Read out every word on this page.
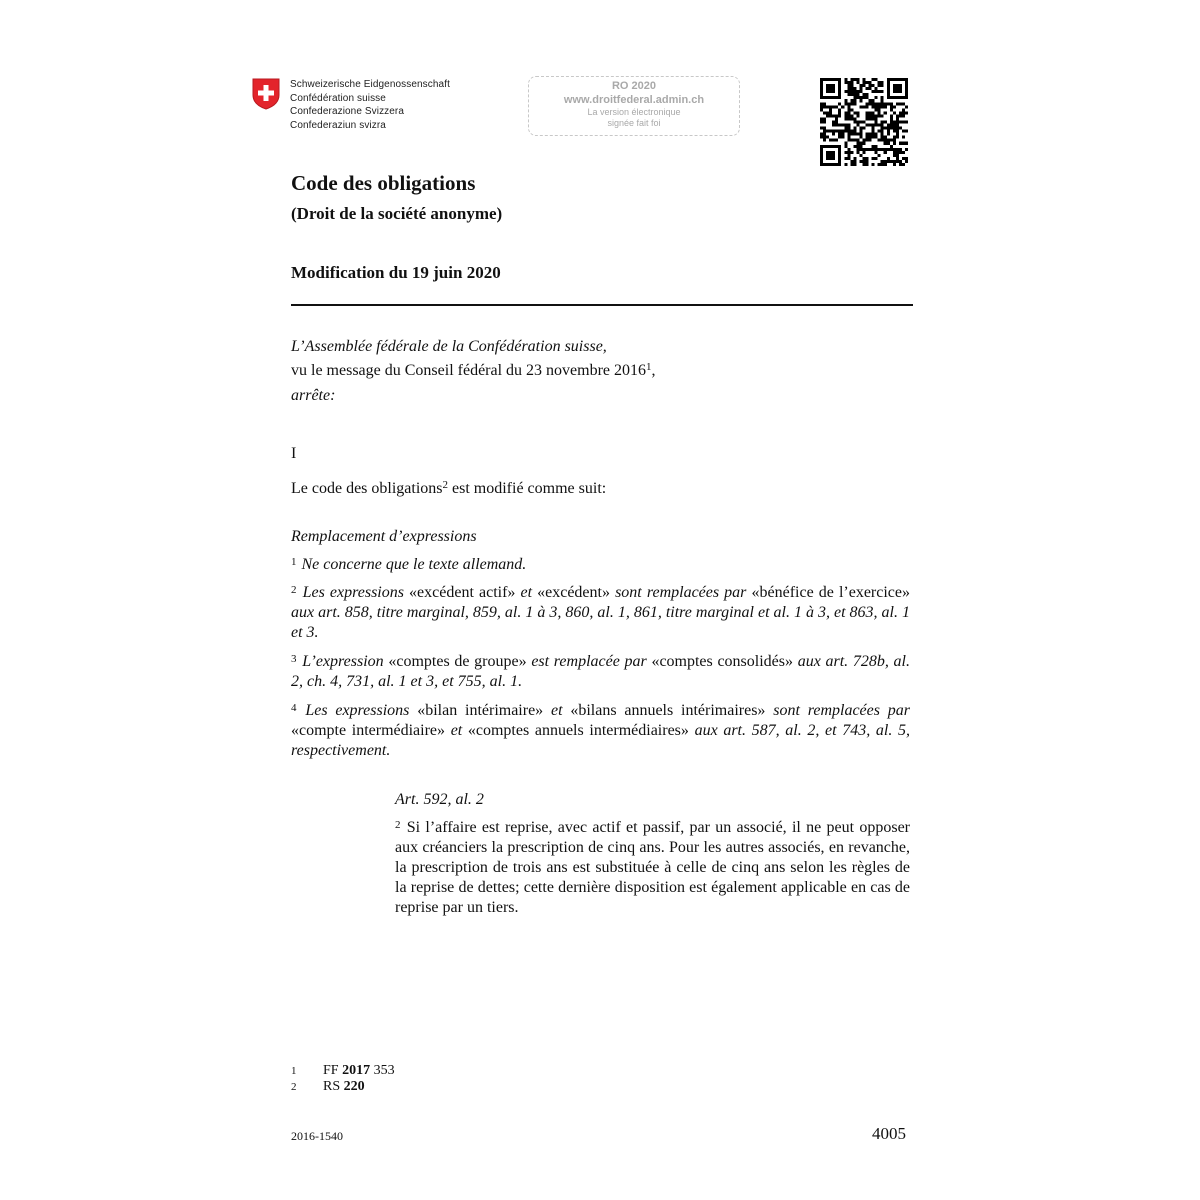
Schweizerische Eidgenossenschaft
Confédération suisse
Confederazione Svizzera
Confederaziun svizra
RO 2020
www.droitfederal.admin.ch
La version électronique
signée fait foi
Code des obligations
(Droit de la société anonyme)
Modification du 19 juin 2020
L’Assemblée fédérale de la Confédération suisse,
vu le message du Conseil fédéral du 23 novembre 2016$^1$,
arrête:
I
Le code des obligations$^2$ est modifié comme suit:
Remplacement d’expressions
$^1$ Ne concerne que le texte allemand.
$^2$ Les expressions «excédent actif» et «excédent» sont remplacées par «bénéfice de l’exercice» aux art. 858, titre marginal, 859, al. 1 à 3, 860, al. 1, 861, titre marginal et al. 1 à 3, et 863, al. 1 et 3.
$^3$ L’expression «comptes de groupe» est remplacée par «comptes consolidés» aux art. 728b, al. 2, ch. 4, 731, al. 1 et 3, et 755, al. 1.
$^4$ Les expressions «bilan intérimaire» et «bilans annuels intérimaires» sont remplacées par «compte intermédiaire» et «comptes annuels intermédiaires» aux art. 587, al. 2, et 743, al. 5, respectivement.
Art. 592, al. 2
$^2$ Si l’affaire est reprise, avec actif et passif, par un associé, il ne peut opposer aux créanciers la prescription de cinq ans. Pour les autres associés, en revanche, la prescription de trois ans est substituée à celle de cinq ans selon les règles de la reprise de dettes; cette dernière disposition est également applicable en cas de reprise par un tiers.
1	FF 2017 353
2	RS 220
2016-1540	4005
